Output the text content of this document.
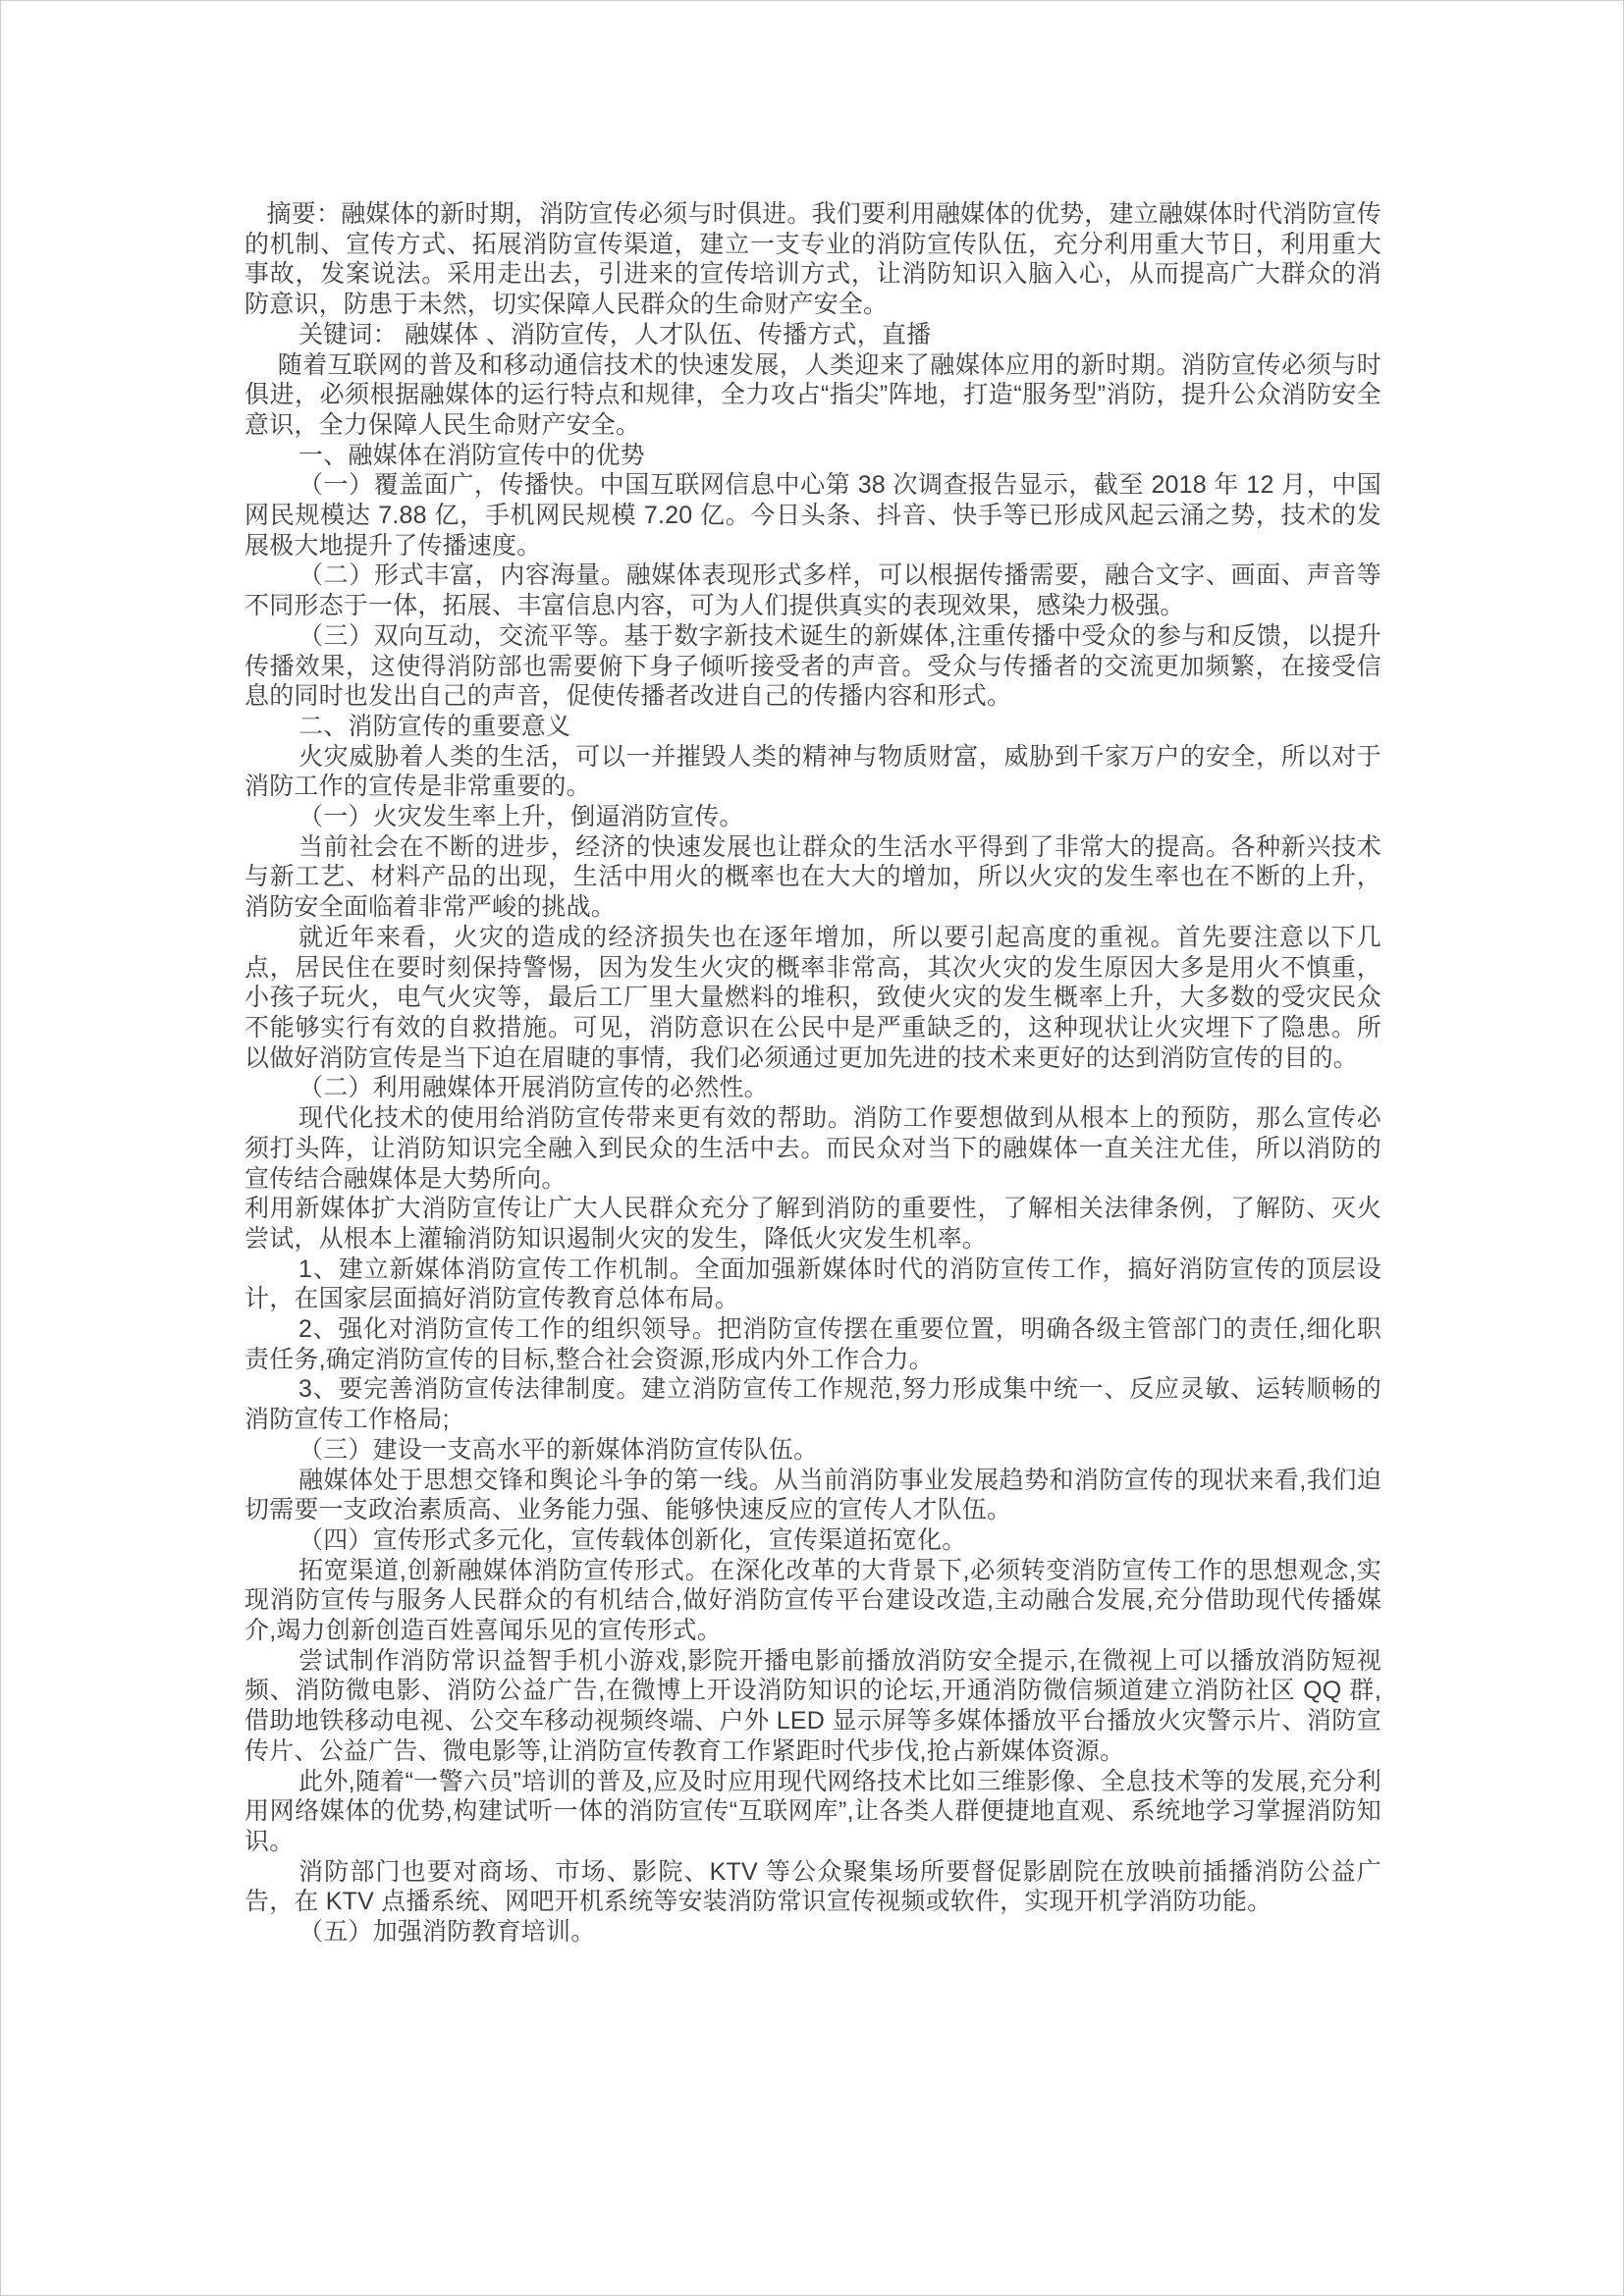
摘要：融媒体的新时期，消防宣传必须与时俱进。我们要利用融媒体的优势，建立融媒体时代消防宣传的机制、宣传方式、拓展消防宣传渠道，建立一支专业的消防宣传队伍，充分利用重大节日，利用重大事故，发案说法。采用走出去，引进来的宣传培训方式，让消防知识入脑入心，从而提高广大群众的消防意识，防患于未然，切实保障人民群众的生命财产安全。

关键词： 融媒体 、消防宣传，人才队伍、传播方式，直播

随着互联网的普及和移动通信技术的快速发展，人类迎来了融媒体应用的新时期。消防宣传必须与时俱进，必须根据融媒体的运行特点和规律，全力攻占“指尖”阵地，打造“服务型”消防，提升公众消防安全意识，全力保障人民生命财产安全。

一、融媒体在消防宣传中的优势

（一）覆盖面广，传播快。中国互联网信息中心第 38 次调查报告显示，截至 2018 年 12 月，中国网民规模达 7.88 亿，手机网民规模 7.20 亿。今日头条、抖音、快手等已形成风起云涌之势，技术的发展极大地提升了传播速度。

（二）形式丰富，内容海量。融媒体表现形式多样，可以根据传播需要，融合文字、画面、声音等不同形态于一体，拓展、丰富信息内容，可为人们提供真实的表现效果，感染力极强。

（三）双向互动，交流平等。基于数字新技术诞生的新媒体,注重传播中受众的参与和反馈，以提升传播效果，这使得消防部也需要俯下身子倾听接受者的声音。受众与传播者的交流更加频繁，在接受信息的同时也发出自己的声音，促使传播者改进自己的传播内容和形式。

二、消防宣传的重要意义

火灾威胁着人类的生活，可以一并摧毁人类的精神与物质财富，威胁到千家万户的安全，所以对于消防工作的宣传是非常重要的。

（一）火灾发生率上升，倒逼消防宣传。

当前社会在不断的进步，经济的快速发展也让群众的生活水平得到了非常大的提高。各种新兴技术与新工艺、材料产品的出现，生活中用火的概率也在大大的增加，所以火灾的发生率也在不断的上升，消防安全面临着非常严峻的挑战。

就近年来看，火灾的造成的经济损失也在逐年增加，所以要引起高度的重视。首先要注意以下几点，居民住在要时刻保持警惕，因为发生火灾的概率非常高，其次火灾的发生原因大多是用火不慎重，小孩子玩火，电气火灾等，最后工厂里大量燃料的堆积，致使火灾的发生概率上升，大多数的受灾民众不能够实行有效的自救措施。可见，消防意识在公民中是严重缺乏的，这种现状让火灾埋下了隐患。所以做好消防宣传是当下迫在眉睫的事情，我们必须通过更加先进的技术来更好的达到消防宣传的目的。

（二）利用融媒体开展消防宣传的必然性。

现代化技术的使用给消防宣传带来更有效的帮助。消防工作要想做到从根本上的预防，那么宣传必须打头阵，让消防知识完全融入到民众的生活中去。而民众对当下的融媒体一直关注尤佳，所以消防的宣传结合融媒体是大势所向。

利用新媒体扩大消防宣传让广大人民群众充分了解到消防的重要性，了解相关法律条例，了解防、灭火尝试，从根本上灌输消防知识遏制火灾的发生，降低火灾发生机率。

1、建立新媒体消防宣传工作机制。全面加强新媒体时代的消防宣传工作，搞好消防宣传的顶层设计，在国家层面搞好消防宣传教育总体布局。

2、强化对消防宣传工作的组织领导。把消防宣传摆在重要位置，明确各级主管部门的责任,细化职责任务,确定消防宣传的目标,整合社会资源,形成内外工作合力。

3、要完善消防宣传法律制度。建立消防宣传工作规范,努力形成集中统一、反应灵敏、运转顺畅的消防宣传工作格局;

（三）建设一支高水平的新媒体消防宣传队伍。

融媒体处于思想交锋和舆论斗争的第一线。从当前消防事业发展趋势和消防宣传的现状来看,我们迫切需要一支政治素质高、业务能力强、能够快速反应的宣传人才队伍。

（四）宣传形式多元化，宣传载体创新化，宣传渠道拓宽化。

拓宽渠道,创新融媒体消防宣传形式。在深化改革的大背景下,必须转变消防宣传工作的思想观念,实现消防宣传与服务人民群众的有机结合,做好消防宣传平台建设改造,主动融合发展,充分借助现代传播媒介,竭力创新创造百姓喜闻乐见的宣传形式。

尝试制作消防常识益智手机小游戏,影院开播电影前播放消防安全提示,在微视上可以播放消防短视频、消防微电影、消防公益广告,在微博上开设消防知识的论坛,开通消防微信频道建立消防社区 QQ 群,借助地铁移动电视、公交车移动视频终端、户外 LED 显示屏等多媒体播放平台播放火灾警示片、消防宣传片、公益广告、微电影等,让消防宣传教育工作紧距时代步伐,抢占新媒体资源。

此外,随着“一警六员”培训的普及,应及时应用现代网络技术比如三维影像、全息技术等的发展,充分利用网络媒体的优势,构建试听一体的消防宣传“互联网库”,让各类人群便捷地直观、系统地学习掌握消防知识。

消防部门也要对商场、市场、影院、KTV 等公众聚集场所要督促影剧院在放映前插播消防公益广告，在 KTV 点播系统、网吧开机系统等安装消防常识宣传视频或软件，实现开机学消防功能。

（五）加强消防教育培训。
